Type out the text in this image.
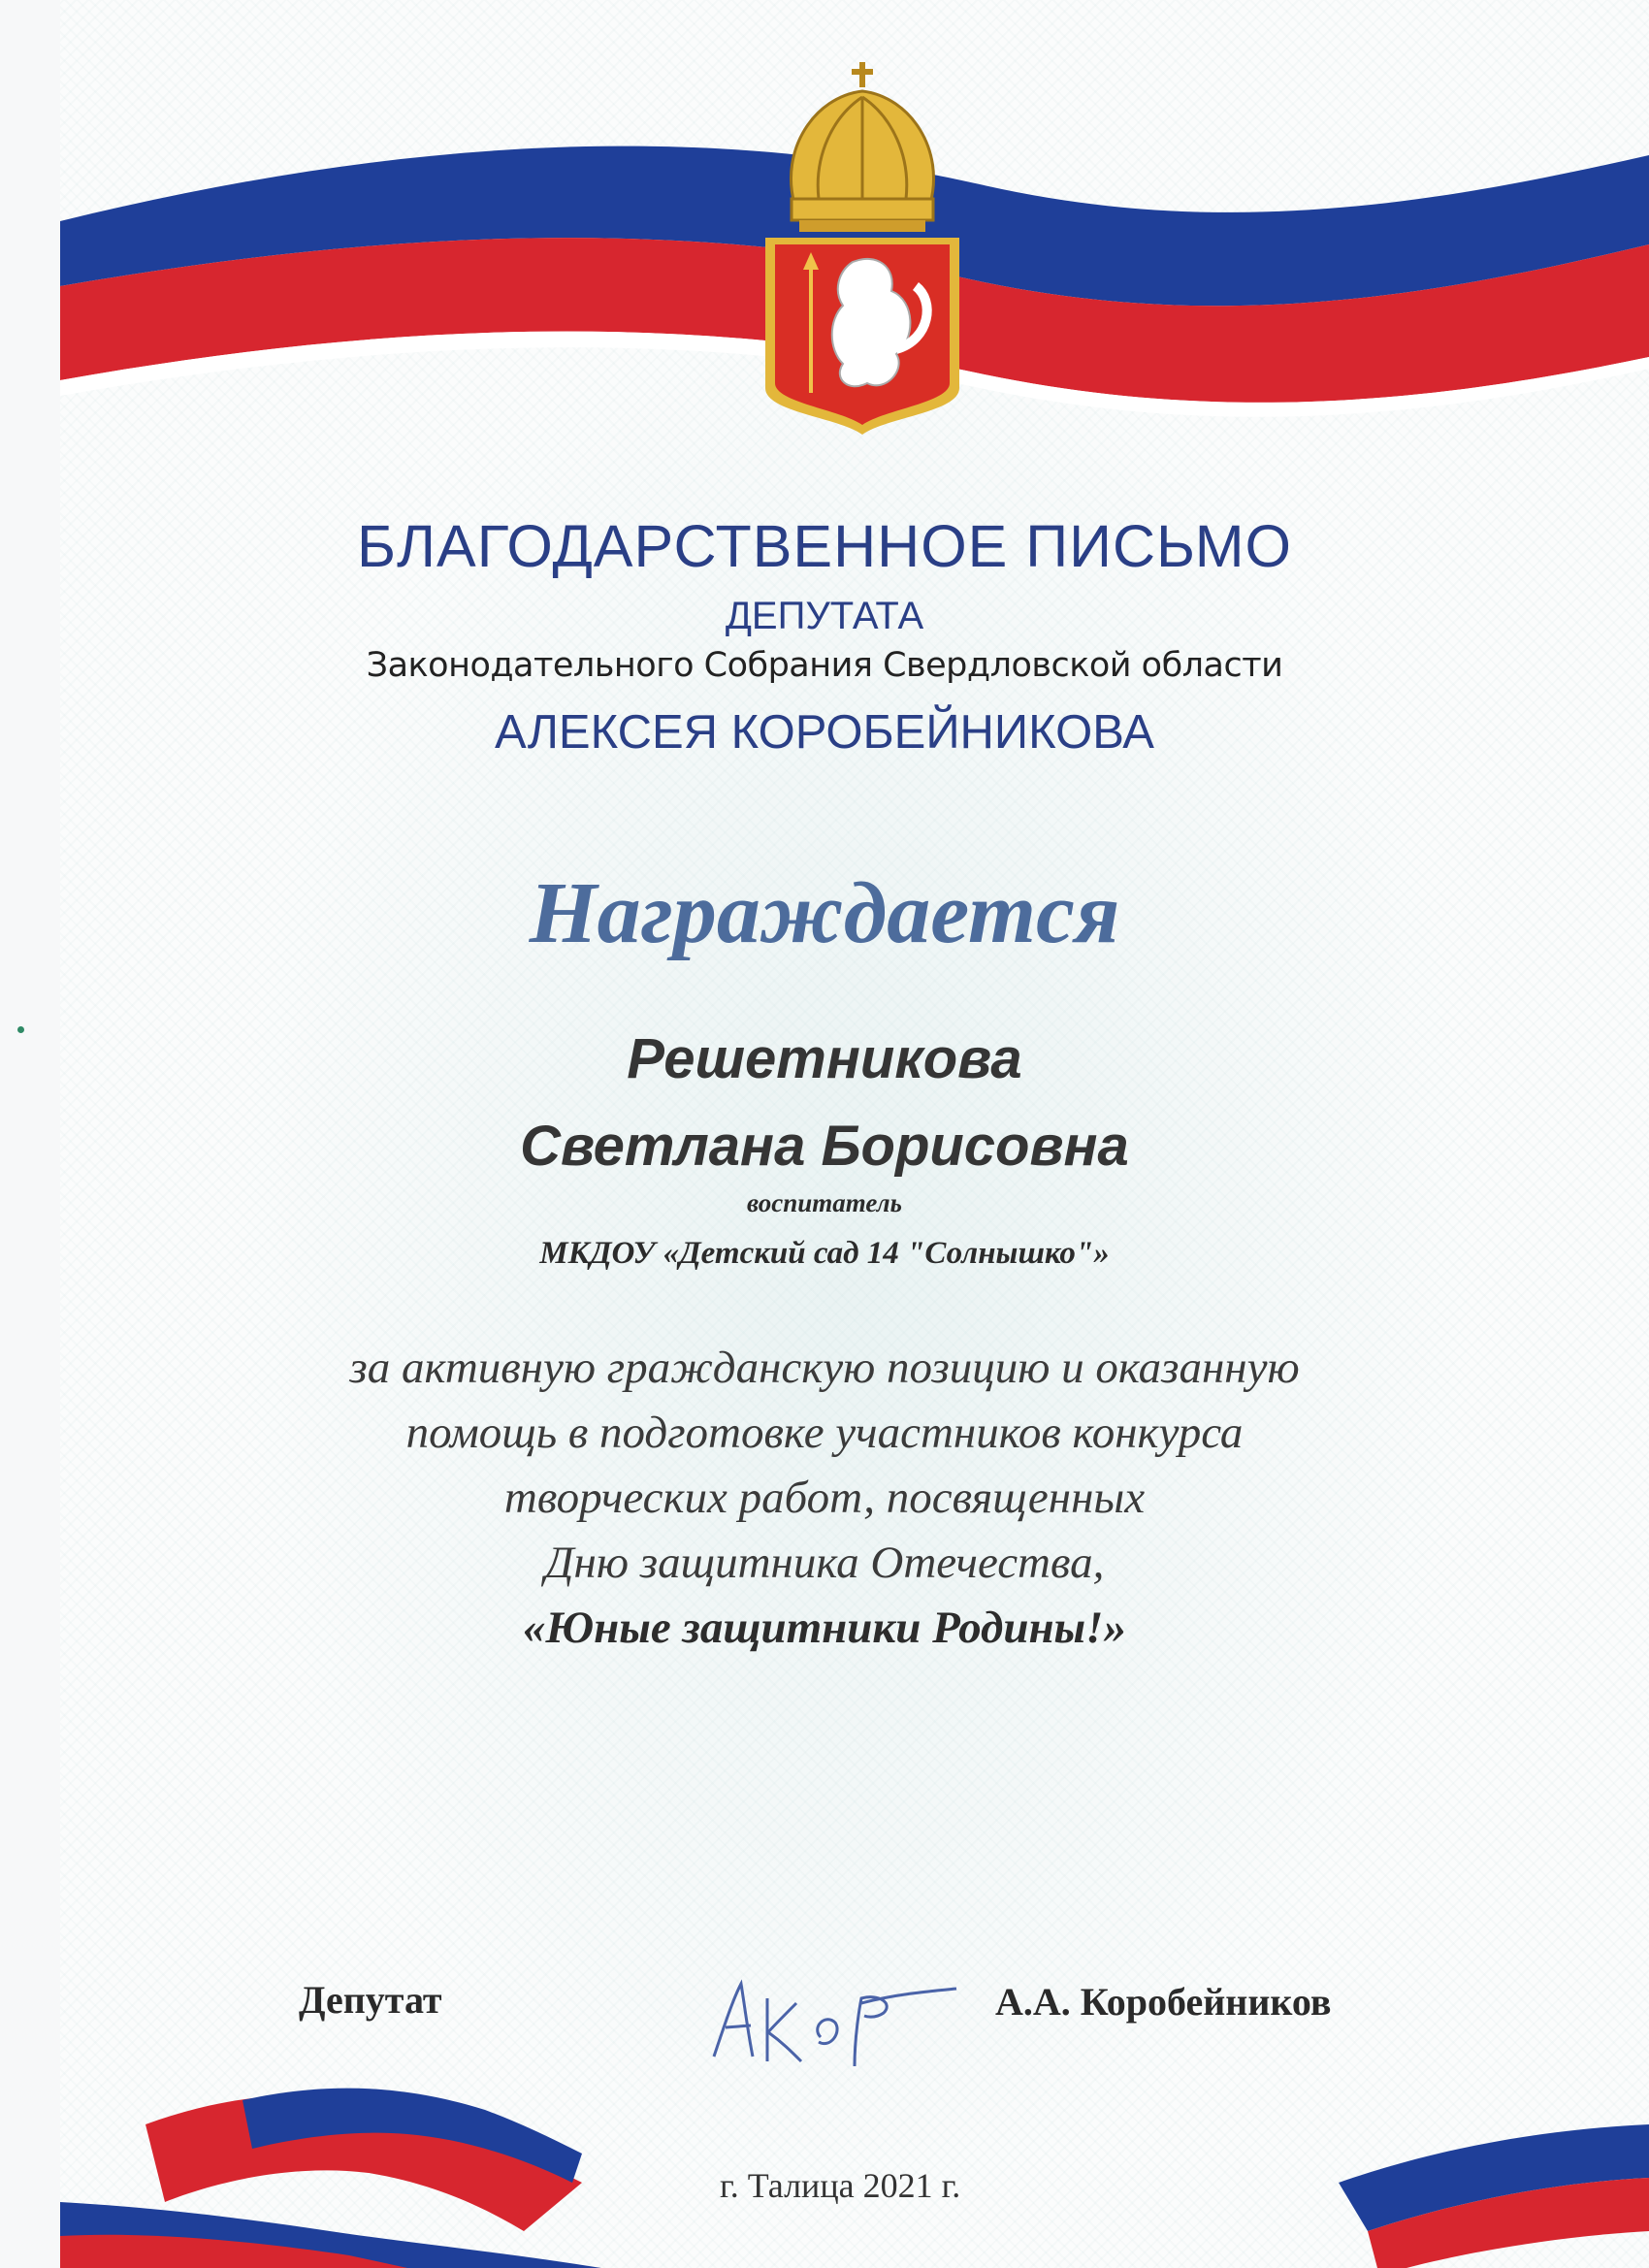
БЛАГОДАРСТВЕННОЕ ПИСЬМО
ДЕПУТАТА
Законодательного Собрания Свердловской области
АЛЕКСЕЯ КОРОБЕЙНИКОВА
Награждается
Решетникова
Светлана Борисовна
воспитатель
МКДОУ «Детский сад 14 "Солнышко"»
за активную гражданскую позицию и оказанную
помощь в подготовке участников конкурса
творческих работ, посвященных
Дню защитника Отечества,
«Юные защитники Родины!»
Депутат	А.А. Коробейников
г. Талица 2021 г.
